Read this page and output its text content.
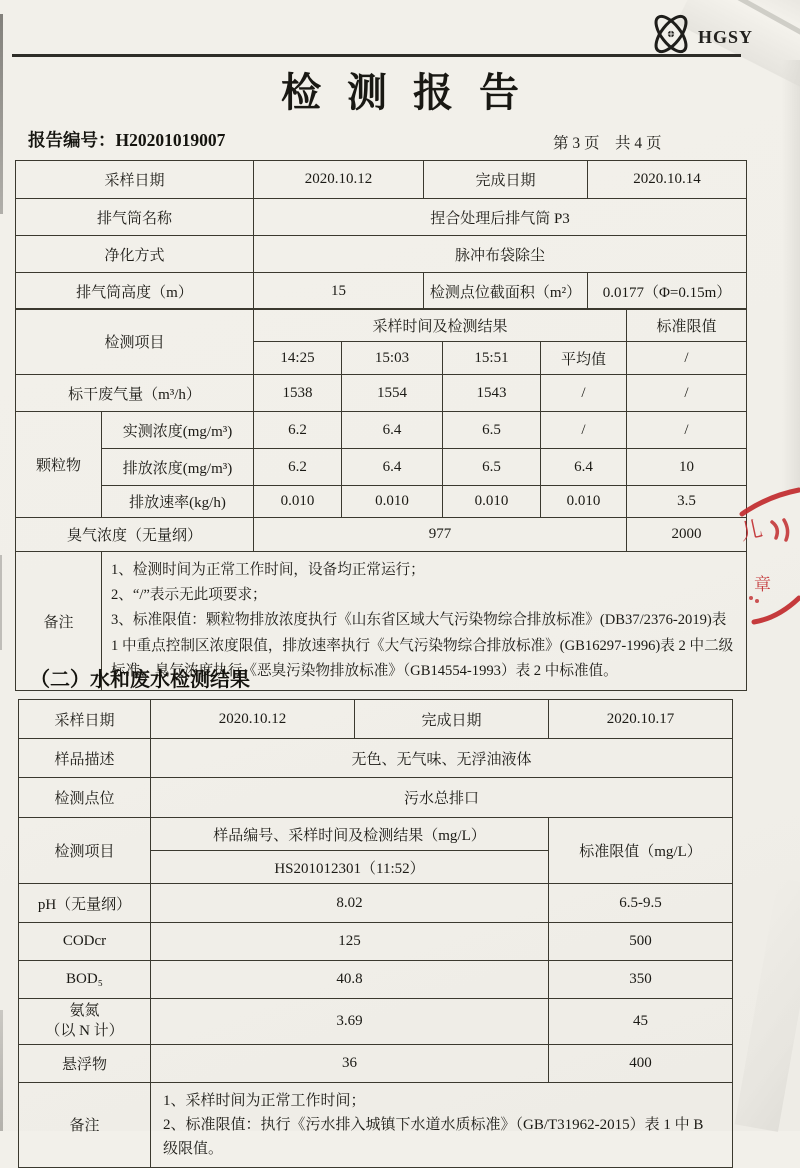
HGSY
检测报告
报告编号：H20201019007	第 3 页　共 4 页
采样日期	2020.10.12	完成日期	2020.10.14
排气筒名称	捏合处理后排气筒 P3		
净化方式	脉冲布袋除尘		
排气筒高度（m）	15	检测点位截面积（m²）	0.0177（Φ=0.15m）
检测项目		采样时间及检测结果				标准限值
		14:25	15:03	15:51	平均值	/
标干废气量（m³/h）		1538	1554	1543	/	/
颗粒物	实测浓度(mg/m³)	6.2	6.4	6.5	/	/
	排放浓度(mg/m³)	6.2	6.4	6.5	6.4	10
	排放速率(kg/h)	0.010	0.010	0.010	0.010	3.5
臭气浓度（无量纲）		977				2000
备注	1、检测时间为正常工作时间，设备均正常运行；
2、“/”表示无此项要求；
3、标准限值：颗粒物排放浓度执行《山东省区域大气污染物综合排放标准》(DB37/2376-2019)表 1 中重点控制区浓度限值，排放速率执行《大气污染物综合排放标准》(GB16297-1996)表 2 中二级标准，臭气浓度执行《恶臭污染物排放标准》（GB14554-1993）表 2 中标准值。					
（二）水和废水检测结果
采样日期	2020.10.12	完成日期	2020.10.17
样品描述	无色、无气味、无浮油液体		
检测点位	污水总排口		
检测项目	样品编号、采样时间及检测结果（mg/L）		标准限值（mg/L）
	HS201012301（11:52）		
pH（无量纲）	8.02		6.5-9.5
CODcr	125		500
BOD₅	40.8		350

氨氮
（以 N 计）	3.69		45
悬浮物	36		400
备注	1、采样时间为正常工作时间；
2、标准限值：执行《污水排入城镇下水道水质标准》（GB/T31962-2015）表 1 中 B 级限值。		
儿
章
